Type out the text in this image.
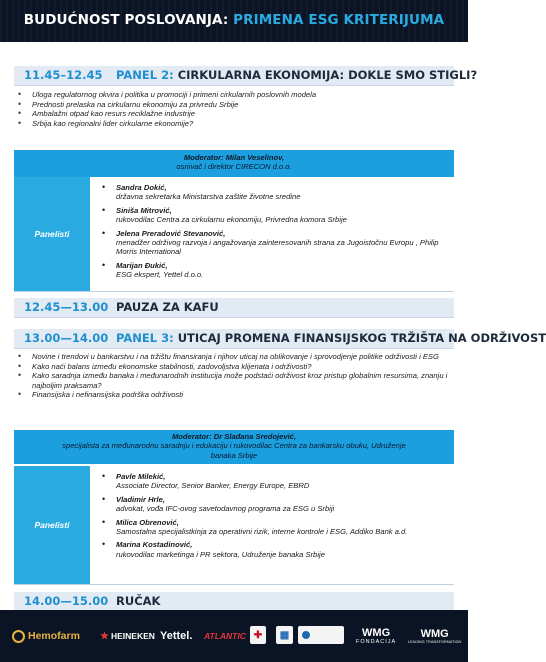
BUDUĆNOST POSLOVANJA: PRIMENA ESG KRITERIJUMA
11.45–12.45 PANEL 2: CIRKULARNA EKONOMIJA: DOKLE SMO STIGLI?
• Uloga regulatornog okvira i politika u promociji i primeni cirkularnih poslovnih modela
• Prednosti prelaska na cirkularnu ekonomiju za privredu Srbije
• Ambalažni otpad kao resurs reciklažne industrije
• Srbija kao regionalni lider cirkularne ekonomije?
Moderator: Milan Veselinov,
osnivač i direktor CIRECON d.o.o.
Panelisti
• Sandra Dokić,
državna sekretarka Ministarstva zaštite životne sredine
• Siniša Mitrović,
rukovodilac Centra za cirkularnu ekonomiju, Privredna komora Srbije
• Jelena Preradović Stevanović,
menadžer održivog razvoja i angažovanja zainteresovanih strana za Jugoistočnu Evropu , Philip Morris International
• Marijan Đukić,
ESG ekspert, Yettel d.o.o.
12.45—13.00 PAUZA ZA KAFU
13.00—14.00 PANEL 3: UTICAJ PROMENA FINANSIJSKOG TRŽIŠTA NA ODRŽIVOST
• Novine i trendovi u bankarstvu i na tržištu finansiranja i njihov uticaj na oblikovanje i sprovodjenje politike održivosti i ESG
• Kako naći balans između ekonomske stabilnosti, zadovoljstva klijenata i održivosti?
• Kako saradnja između banaka i međunarodnih institucija može podstaći održivost kroz pristup globalnim resursima, znanju i najboljim praksama?
• Finansijska i nefinansijska podrška održivosti
Moderator: Dr Slađana Sredojević,
specijalista za međunarodnu saradnju i edukaciju i rukovodilac Centra za bankarsku obuku, Udruženje banaka Srbije
Panelisti
• Pavle Milekić,
Associate Director, Senior Banker, Energy Europe, EBRD
• Vladimir Hrle,
advokat, vođa IFC-ovog savetodavnog programa za ESG u Srbiji
• Milica Obrenović,
Samostalna specijalistkinja za operativni rizik, interne kontrole i ESG, Addiko Bank a.d.
• Marina Kostadinović,
rukovodilac marketinga i PR sektora, Udruženje banaka Srbije
14.00—15.00 RUČAK
Hemofarm ★ HEINEKEN Yettel. ATLANTIC ✚ ▦	WMG
FONDACIJA
WMG
LEADING TRANSFORMATION
